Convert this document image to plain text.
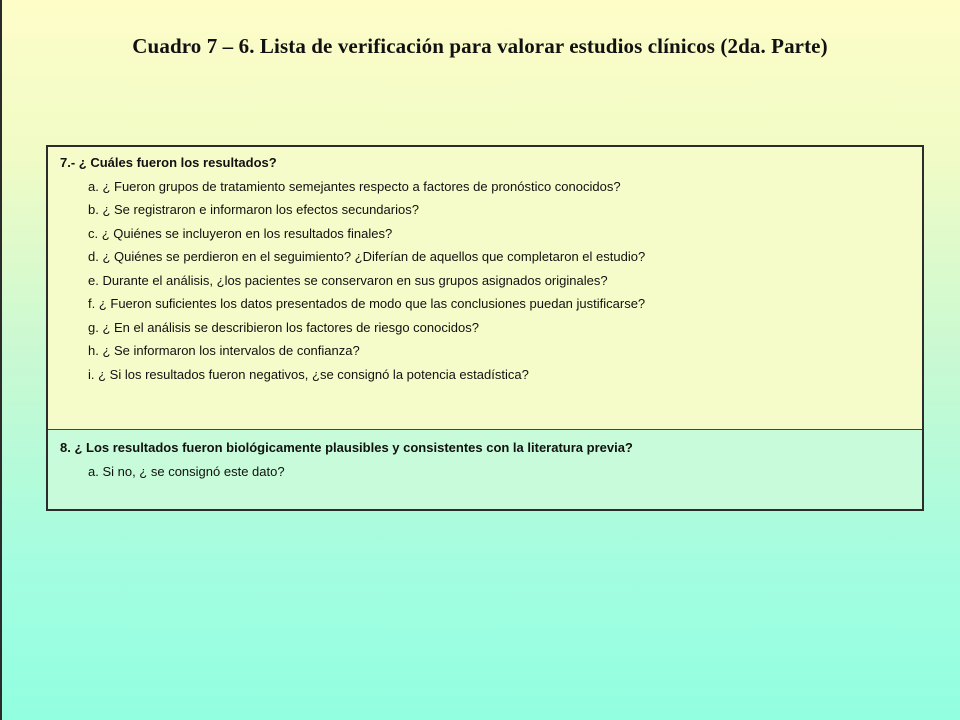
Cuadro 7 – 6. Lista de verificación para valorar estudios clínicos (2da. Parte)
7.- ¿ Cuáles fueron los resultados?
a. ¿ Fueron grupos de tratamiento semejantes respecto a factores de pronóstico conocidos?
b. ¿ Se registraron e informaron los efectos secundarios?
c. ¿ Quiénes se incluyeron en los resultados finales?
d. ¿ Quiénes se perdieron en el seguimiento? ¿Diferían de aquellos que completaron el estudio?
e. Durante el análisis, ¿los pacientes se conservaron en sus grupos asignados originales?
f. ¿ Fueron suficientes los datos presentados de modo que las conclusiones puedan justificarse?
g. ¿ En el análisis se describieron los factores de riesgo conocidos?
h. ¿ Se informaron los intervalos de confianza?
i. ¿ Si los resultados fueron negativos, ¿se consignó la potencia estadística?
8. ¿ Los resultados fueron biológicamente plausibles y consistentes con la literatura previa?
a. Si no, ¿ se consignó este dato?
